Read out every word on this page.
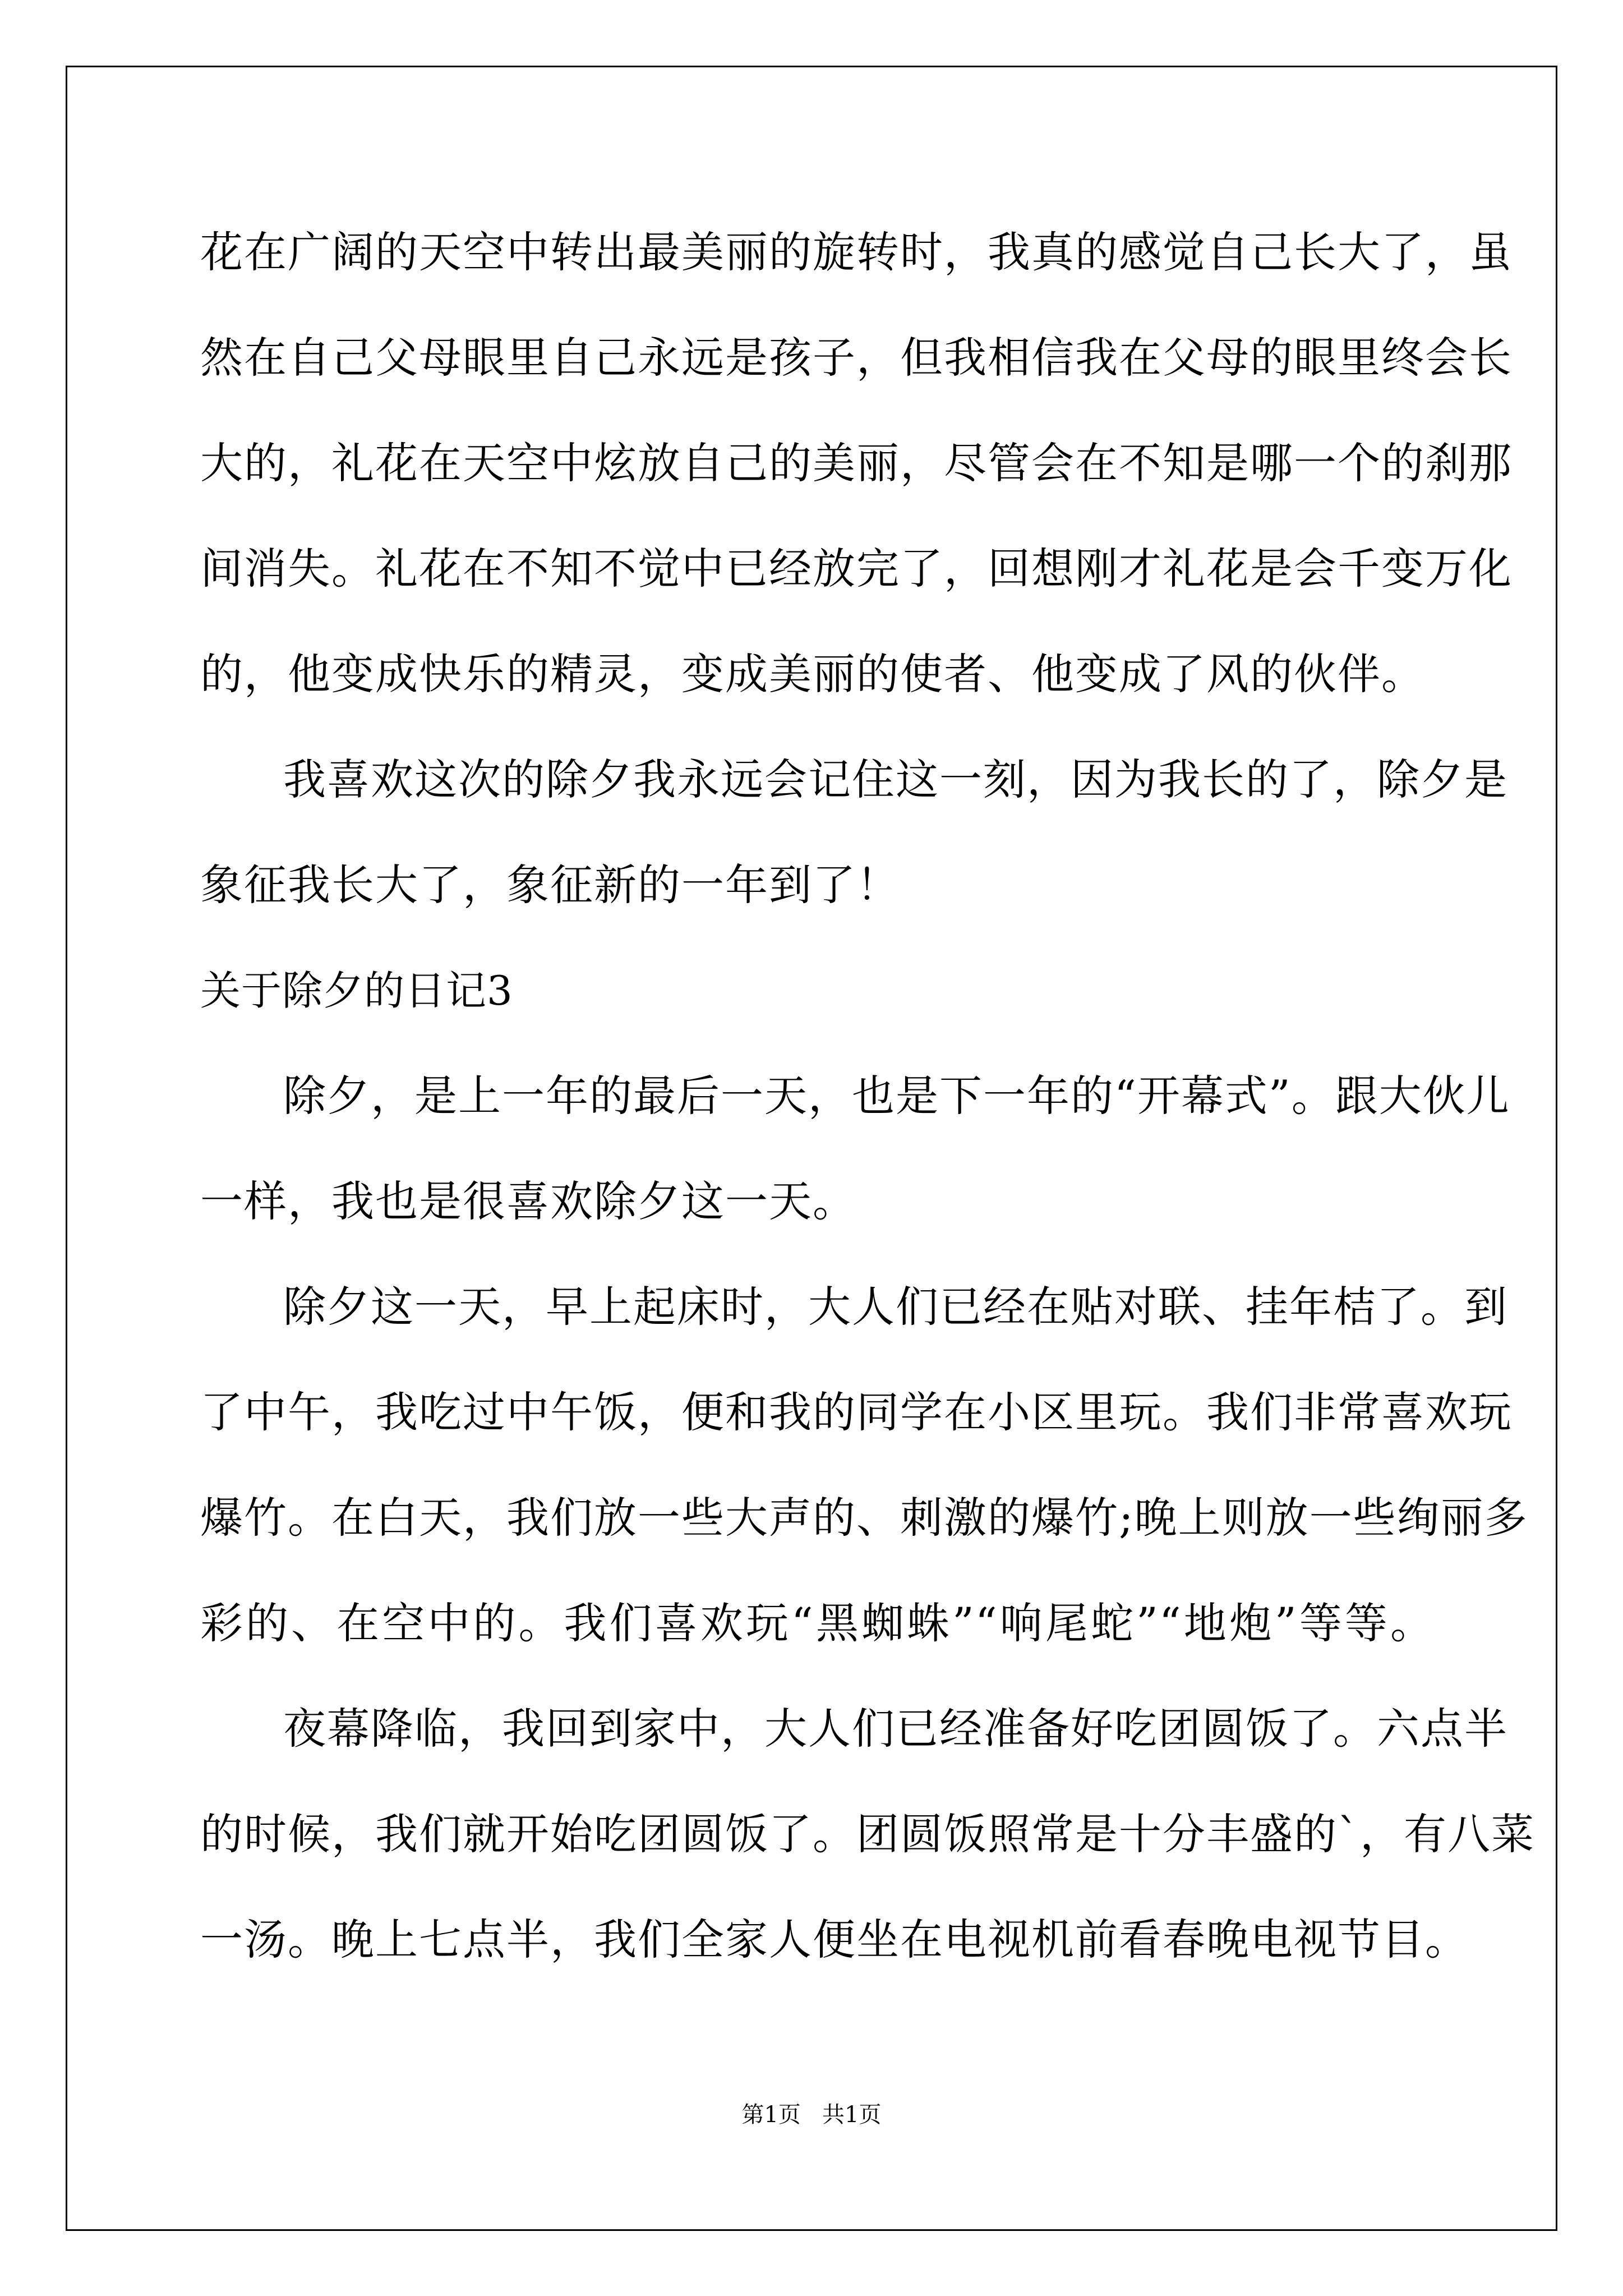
花在广阔的天空中转出最美丽的旋转时，我真的感觉自己长大了，虽
然在自己父母眼里自己永远是孩子，但我相信我在父母的眼里终会长
大的，礼花在天空中炫放自己的美丽，尽管会在不知是哪一个的刹那
间消失。礼花在不知不觉中已经放完了，回想刚才礼花是会千变万化
的，他变成快乐的精灵，变成美丽的使者、他变成了风的伙伴。
我喜欢这次的除夕我永远会记住这一刻，因为我长的了，除夕是
象征我长大了，象征新的一年到了！
关于除夕的日记3
除夕，是上一年的最后一天，也是下一年的“开幕式”。跟大伙儿
一样，我也是很喜欢除夕这一天。
除夕这一天，早上起床时，大人们已经在贴对联、挂年桔了。到
了中午，我吃过中午饭，便和我的同学在小区里玩。我们非常喜欢玩
爆竹。在白天，我们放一些大声的、刺激的爆竹;晚上则放一些绚丽多
彩的、在空中的。我们喜欢玩“黑蜘蛛”“响尾蛇”“地炮”等等。
夜幕降临，我回到家中，大人们已经准备好吃团圆饭了。六点半
的时候，我们就开始吃团圆饭了。团圆饭照常是十分丰盛的`，有八菜
一汤。晚上七点半，我们全家人便坐在电视机前看春晚电视节目。
第1页   共1页
